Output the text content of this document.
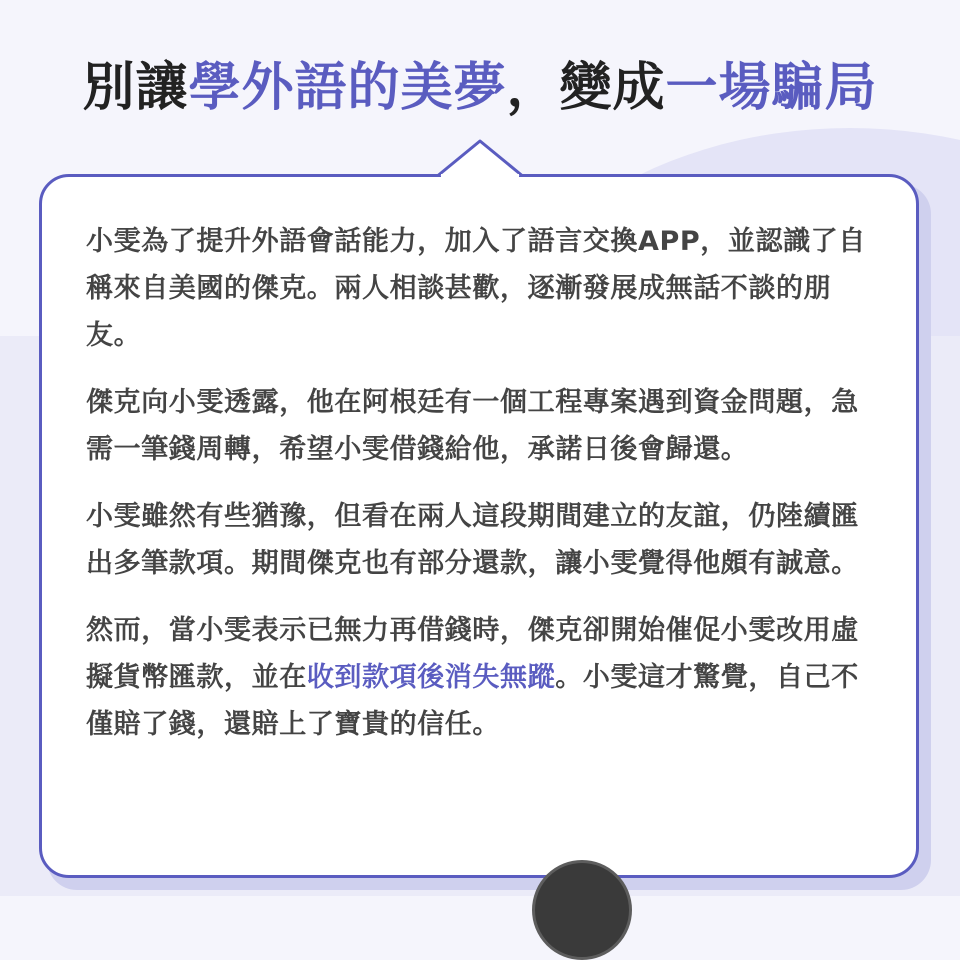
別讓學外語的美夢，變成一場騙局

小雯為了提升外語會話能力，加入了語言交換APP，並認識了自稱來自美國的傑克。兩人相談甚歡，逐漸發展成無話不談的朋友。

傑克向小雯透露，他在阿根廷有一個工程專案遇到資金問題，急需一筆錢周轉，希望小雯借錢給他，承諾日後會歸還。

小雯雖然有些猶豫，但看在兩人這段期間建立的友誼，仍陸續匯出多筆款項。期間傑克也有部分還款，讓小雯覺得他頗有誠意。

然而，當小雯表示已無力再借錢時，傑克卻開始催促小雯改用虛擬貨幣匯款，並在收到款項後消失無蹤。小雯這才驚覺，自己不僅賠了錢，還賠上了寶貴的信任。
